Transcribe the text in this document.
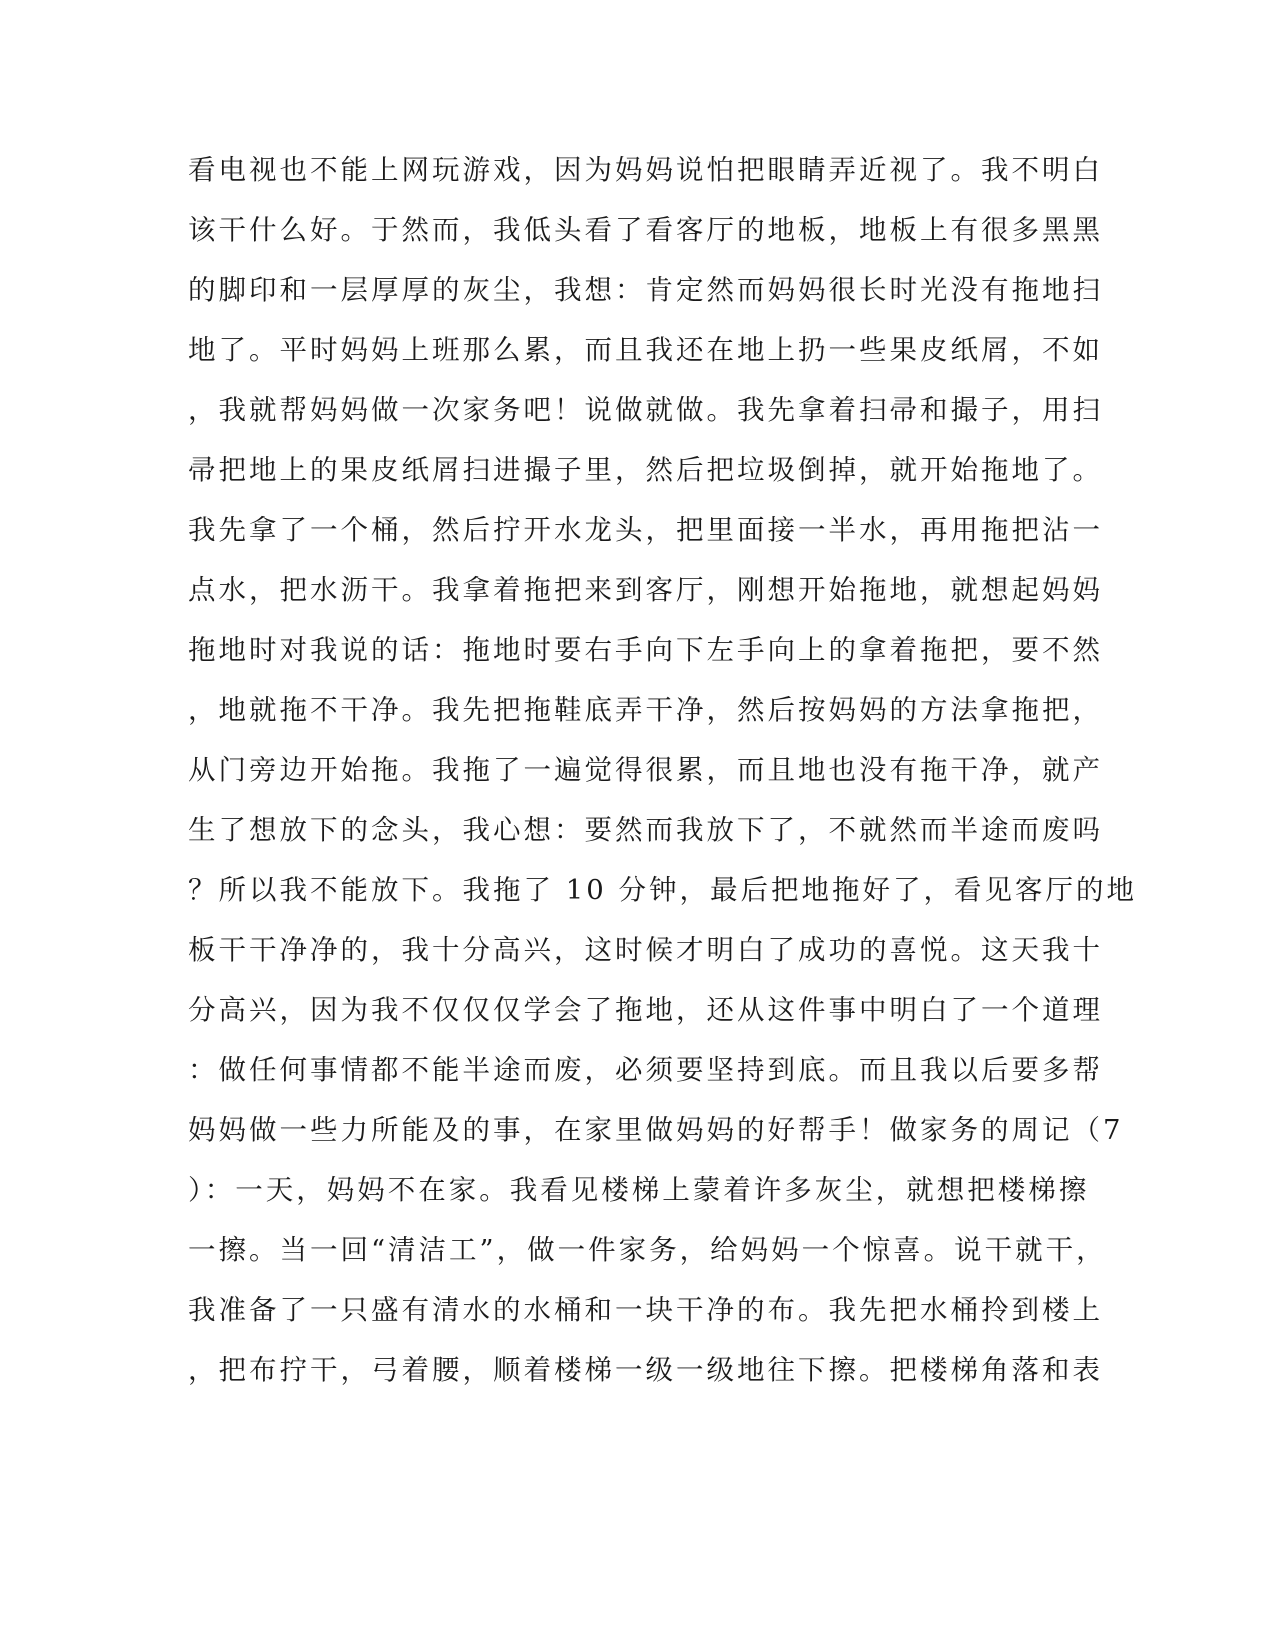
看电视也不能上网玩游戏，因为妈妈说怕把眼睛弄近视了。我不明白
该干什么好。于然而，我低头看了看客厅的地板，地板上有很多黑黑
的脚印和一层厚厚的灰尘，我想：肯定然而妈妈很长时光没有拖地扫
地了。平时妈妈上班那么累，而且我还在地上扔一些果皮纸屑，不如
，我就帮妈妈做一次家务吧！说做就做。我先拿着扫帚和撮子，用扫
帚把地上的果皮纸屑扫进撮子里，然后把垃圾倒掉，就开始拖地了。
我先拿了一个桶，然后拧开水龙头，把里面接一半水，再用拖把沾一
点水，把水沥干。我拿着拖把来到客厅，刚想开始拖地，就想起妈妈
拖地时对我说的话：拖地时要右手向下左手向上的拿着拖把，要不然
，地就拖不干净。我先把拖鞋底弄干净，然后按妈妈的方法拿拖把，
从门旁边开始拖。我拖了一遍觉得很累，而且地也没有拖干净，就产
生了想放下的念头，我心想：要然而我放下了，不就然而半途而废吗
？所以我不能放下。我拖了 10 分钟，最后把地拖好了，看见客厅的地
板干干净净的，我十分高兴，这时候才明白了成功的喜悦。这天我十
分高兴，因为我不仅仅仅学会了拖地，还从这件事中明白了一个道理
：做任何事情都不能半途而废，必须要坚持到底。而且我以后要多帮
妈妈做一些力所能及的事，在家里做妈妈的好帮手！做家务的周记（7
）：一天，妈妈不在家。我看见楼梯上蒙着许多灰尘，就想把楼梯擦
一擦。当一回“清洁工”，做一件家务，给妈妈一个惊喜。说干就干，
我准备了一只盛有清水的水桶和一块干净的布。我先把水桶拎到楼上
，把布拧干，弓着腰，顺着楼梯一级一级地往下擦。把楼梯角落和表
